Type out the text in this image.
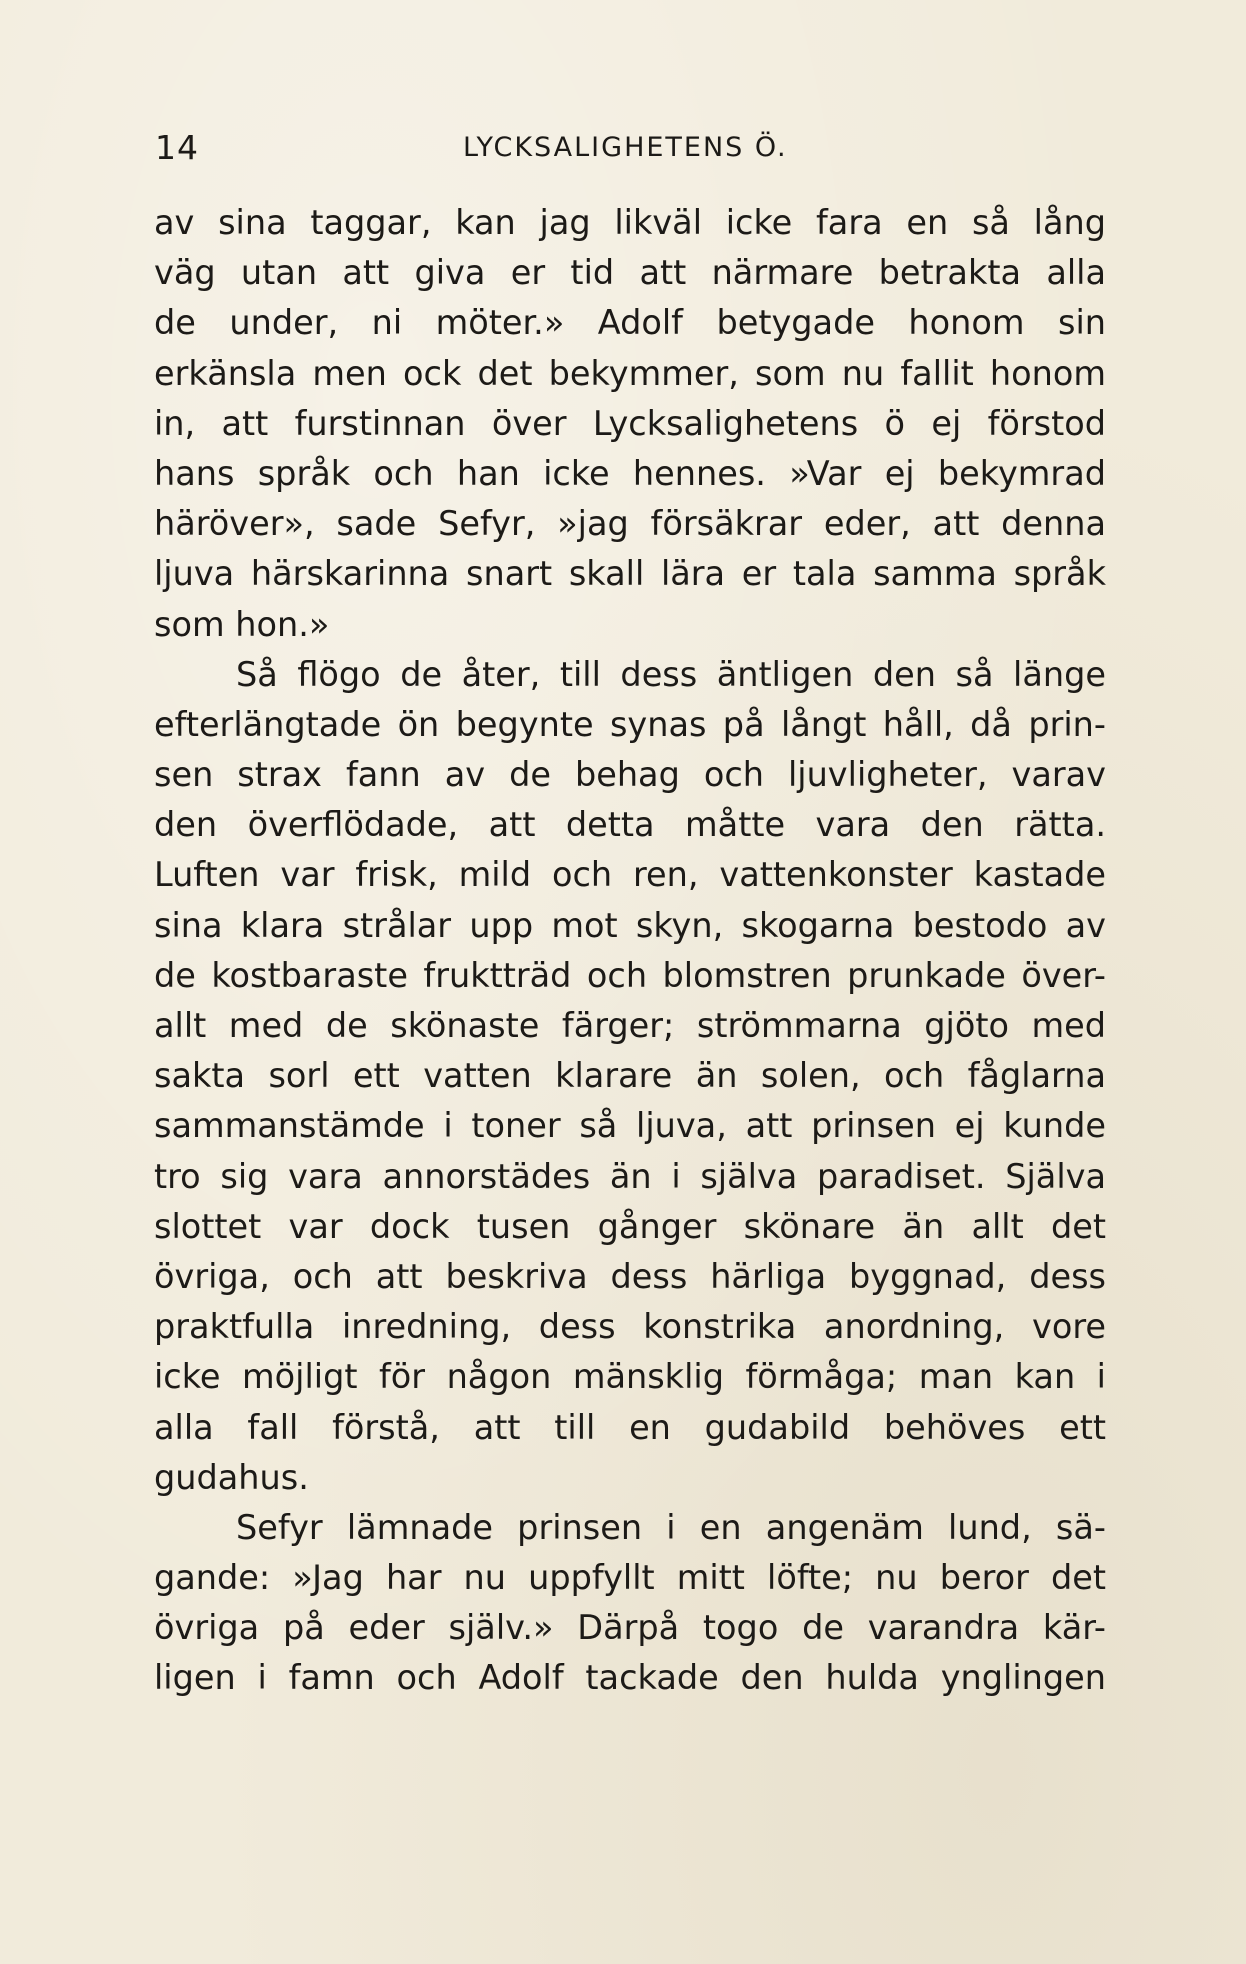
14	LYCKSALIGHETENS Ö.
av sina taggar, kan jag likväl icke fara en så lång
väg utan att giva er tid att närmare betrakta alla
de under, ni möter.» Adolf betygade honom sin
erkänsla men ock det bekymmer, som nu fallit honom
in, att furstinnan över Lycksalighetens ö ej förstod
hans språk och han icke hennes. »Var ej bekymrad
häröver», sade Sefyr, »jag försäkrar eder, att denna
ljuva härskarinna snart skall lära er tala samma språk
som hon.»
Så flögo de åter, till dess äntligen den så länge
efterlängtade ön begynte synas på långt håll, då prin-
sen strax fann av de behag och ljuvligheter, varav
den överflödade, att detta måtte vara den rätta.
Luften var frisk, mild och ren, vattenkonster kastade
sina klara strålar upp mot skyn, skogarna bestodo av
de kostbaraste fruktträd och blomstren prunkade över-
allt med de skönaste färger; strömmarna gjöto med
sakta sorl ett vatten klarare än solen, och fåglarna
sammanstämde i toner så ljuva, att prinsen ej kunde
tro sig vara annorstädes än i själva paradiset. Själva
slottet var dock tusen gånger skönare än allt det
övriga, och att beskriva dess härliga byggnad, dess
praktfulla inredning, dess konstrika anordning, vore
icke möjligt för någon mänsklig förmåga; man kan i
alla fall förstå, att till en gudabild behöves ett
gudahus.
Sefyr lämnade prinsen i en angenäm lund, sä-
gande: »Jag har nu uppfyllt mitt löfte; nu beror det
övriga på eder själv.» Därpå togo de varandra kär-
ligen i famn och Adolf tackade den hulda ynglingen
